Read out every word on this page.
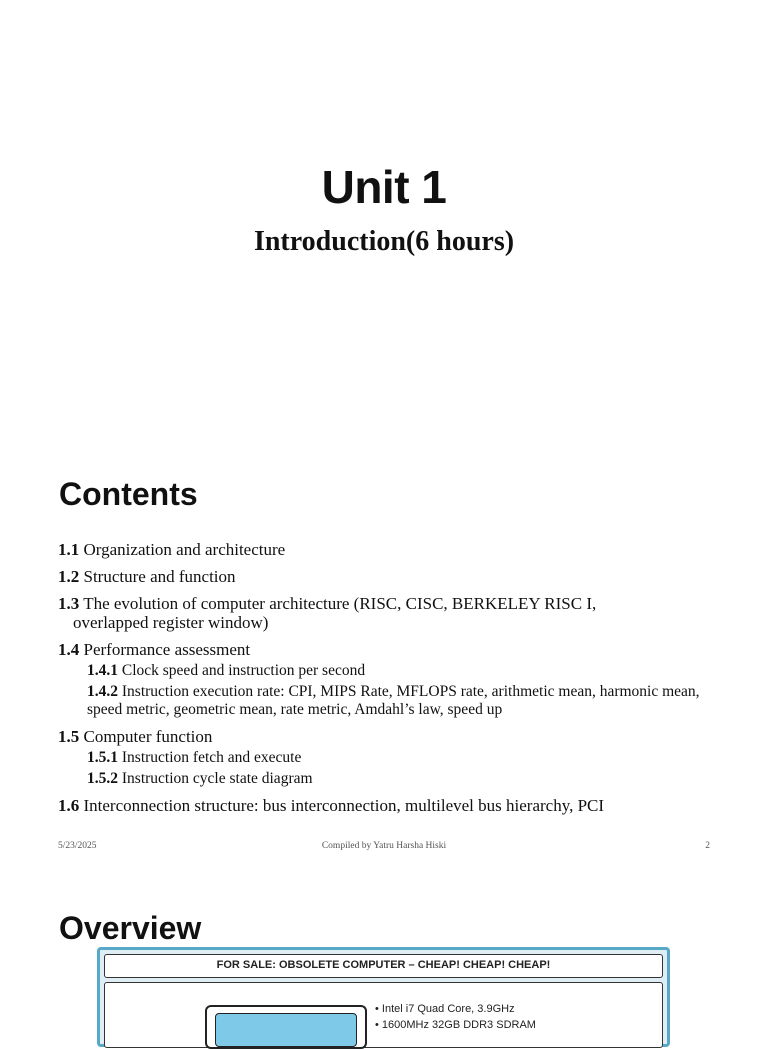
Unit 1
Introduction(6 hours)
Contents
1.1 Organization and architecture
1.2 Structure and function
1.3 The evolution of computer architecture (RISC, CISC, BERKELEY RISC I,
overlapped register window)
1.4 Performance assessment
1.4.1 Clock speed and instruction per second
1.4.2 Instruction execution rate: CPI, MIPS Rate, MFLOPS rate, arithmetic mean, harmonic mean, speed metric, geometric mean, rate metric, Amdahl’s law, speed up
1.5 Computer function
1.5.1 Instruction fetch and execute
1.5.2 Instruction cycle state diagram
1.6 Interconnection structure: bus interconnection, multilevel bus hierarchy, PCI
5/23/2025	Compiled by Yatru Harsha Hiski	2
Overview
FOR SALE: OBSOLETE COMPUTER – CHEAP! CHEAP! CHEAP!
• Intel i7 Quad Core, 3.9GHz
• 1600MHz 32GB DDR3 SDRAM
